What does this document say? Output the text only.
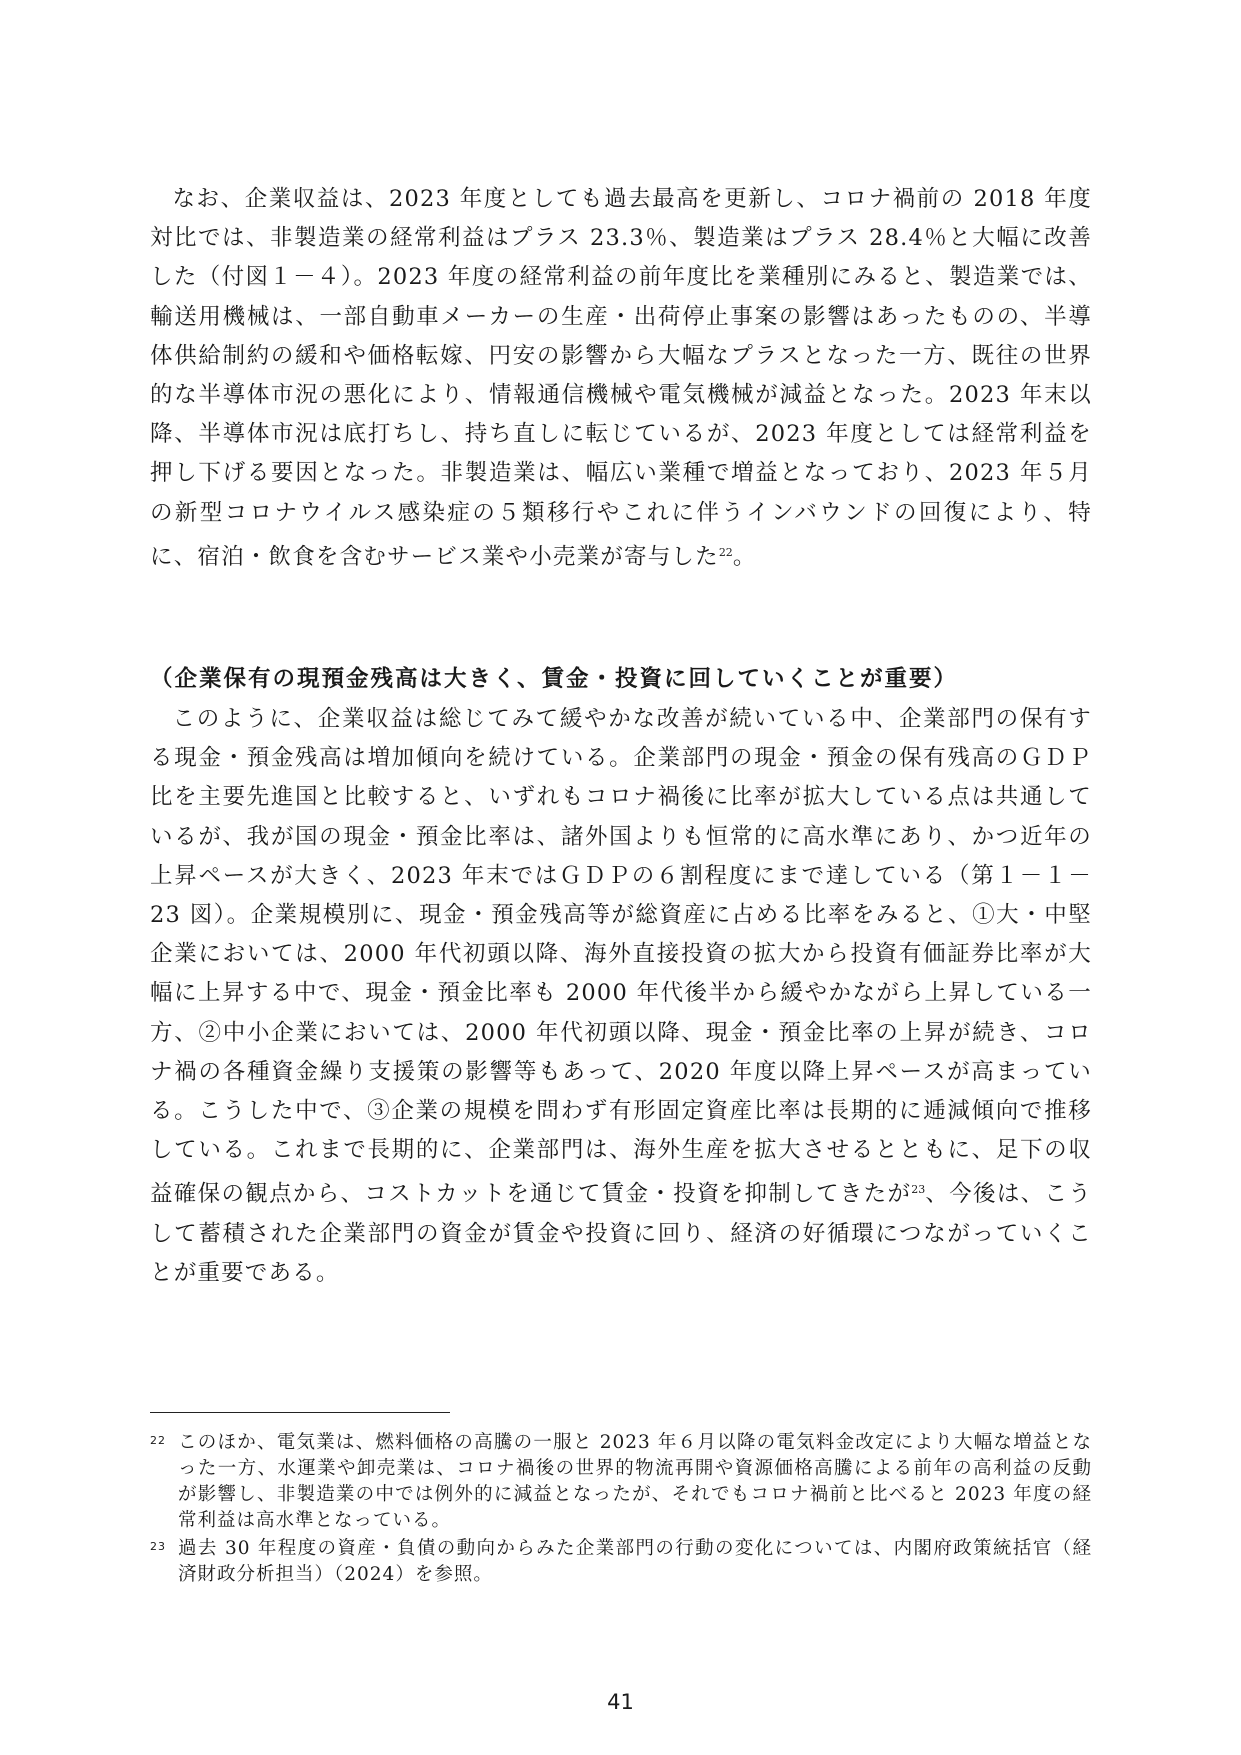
なお、企業収益は、2023 年度としても過去最高を更新し、コロナ禍前の 2018 年度対比では、非製造業の経常利益はプラス 23.3％、製造業はプラス 28.4％と大幅に改善した（付図１－４）。2023 年度の経常利益の前年度比を業種別にみると、製造業では、輸送用機械は、一部自動車メーカーの生産・出荷停止事案の影響はあったものの、半導体供給制約の緩和や価格転嫁、円安の影響から大幅なプラスとなった一方、既往の世界的な半導体市況の悪化により、情報通信機械や電気機械が減益となった。2023 年末以降、半導体市況は底打ちし、持ち直しに転じているが、2023 年度としては経常利益を押し下げる要因となった。非製造業は、幅広い業種で増益となっており、2023 年５月の新型コロナウイルス感染症の５類移行やこれに伴うインバウンドの回復により、特に、宿泊・飲食を含むサービス業や小売業が寄与した$^{22}$。

（企業保有の現預金残高は大きく、賃金・投資に回していくことが重要）

このように、企業収益は総じてみて緩やかな改善が続いている中、企業部門の保有する現金・預金残高は増加傾向を続けている。企業部門の現金・預金の保有残高のＧＤＰ比を主要先進国と比較すると、いずれもコロナ禍後に比率が拡大している点は共通しているが、我が国の現金・預金比率は、諸外国よりも恒常的に高水準にあり、かつ近年の上昇ペースが大きく、2023 年末ではＧＤＰの６割程度にまで達している（第１－１－23 図）。企業規模別に、現金・預金残高等が総資産に占める比率をみると、①大・中堅企業においては、2000 年代初頭以降、海外直接投資の拡大から投資有価証券比率が大幅に上昇する中で、現金・預金比率も 2000 年代後半から緩やかながら上昇している一方、②中小企業においては、2000 年代初頭以降、現金・預金比率の上昇が続き、コロナ禍の各種資金繰り支援策の影響等もあって、2020 年度以降上昇ペースが高まっている。こうした中で、③企業の規模を問わず有形固定資産比率は長期的に逓減傾向で推移している。これまで長期的に、企業部門は、海外生産を拡大させるとともに、足下の収益確保の観点から、コストカットを通じて賃金・投資を抑制してきたが$^{23}$、今後は、こうして蓄積された企業部門の資金が賃金や投資に回り、経済の好循環につながっていくことが重要である。

22 このほか、電気業は、燃料価格の高騰の一服と 2023 年６月以降の電気料金改定により大幅な増益となった一方、水運業や卸売業は、コロナ禍後の世界的物流再開や資源価格高騰による前年の高利益の反動が影響し、非製造業の中では例外的に減益となったが、それでもコロナ禍前と比べると 2023 年度の経常利益は高水準となっている。
23 過去 30 年程度の資産・負債の動向からみた企業部門の行動の変化については、内閣府政策統括官（経済財政分析担当）（2024）を参照。
41
